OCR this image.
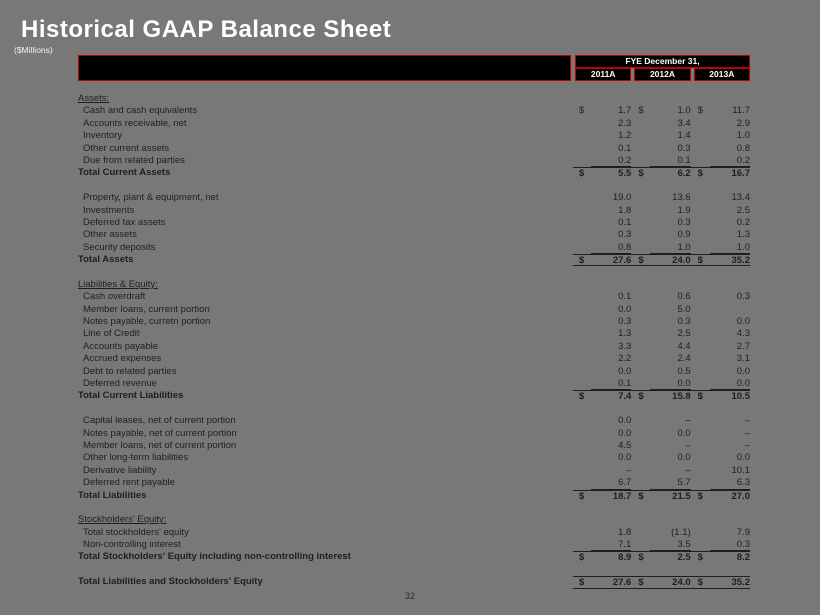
Historical GAAP Balance Sheet
($Millions)
FYE December 31,
2011A	2012A	2013A
Assets:
Cash and cash equivalents	$	1.7 $	1.0 $	11.7
Accounts receivable, net	2.3	3.4	2.9
Inventory	1.2	1.4	1.0
Other current assets	0.1	0.3	0.8
Due from related parties	0.2	0.1	0.2
Total Current Assets	$	5.5 $	6.2 $	16.7
Property, plant & equipment, net	19.0	13.6	13.4
Investments	1.8	1.9	2.5
Deferred tax assets	0.1	0.3	0.2
Other assets	0.3	0.9	1.3
Security deposits	0.8	1.0	1.0
Total Assets	$	27.6 $	24.0 $	35.2
Liabilities & Equity:
Cash overdraft	0.1	0.6	0.3
Member loans, current portion	0.0	5.0
Notes payable, curretn portion	0.3	0.3	0.0
Line of Credit	1.3	2.5	4.3
Accounts payable	3.3	4.4	2.7
Accrued expenses	2.2	2.4	3.1
Debt to related parties	0.0	0.5	0.0
Deferred revenue	0.1	0.0	0.0
Total Current Liabilities	$	7.4 $	15.8 $	10.5
Capital leases, net of current portion	0.0	–	–
Notes payable, net of current portion	0.0	0.0	–
Member loans, net of current portion	4.5	–	–
Other long-term liabilities	0.0	0.0	0.0
Derivative liability	–	–	10.1
Deferred rent payable	6.7	5.7	6.3
Total Liabilities	$	18.7 $	21.5 $	27.0
Stockholders' Equity:
Total stockholders' equity	1.8	(1.1)	7.9
Non-controlling interest	7.1	3.5	0.3
Total Stockholders' Equity including non-controlling interest	$	8.9 $	2.5 $	8.2
Total Liabilities and Stockholders' Equity	$	27.6 $	24.0 $	35.2
32
